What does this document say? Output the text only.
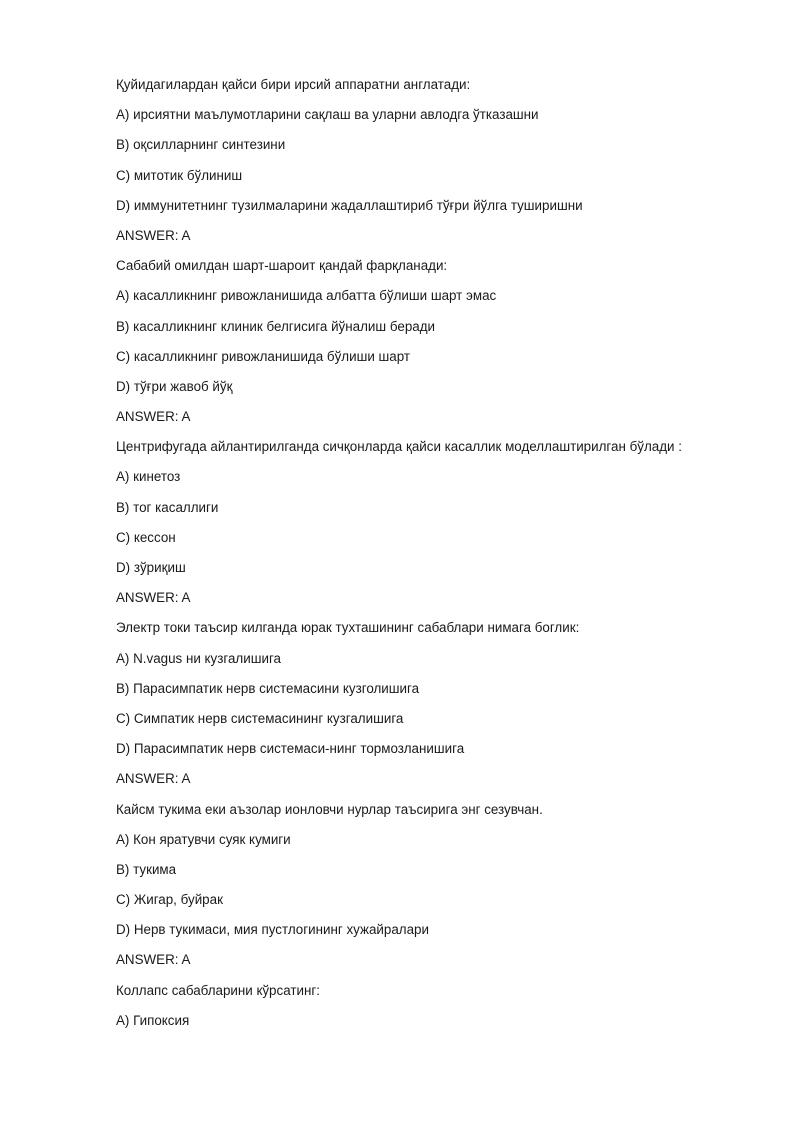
Қуйидагилардан қайси бири ирсий аппаратни англатади:
A) ирсиятни маълумотларини сақлаш ва уларни авлодга ўтказашни
B) оқсилларнинг синтезини
C) митотик бўлиниш
D) иммунитетнинг тузилмаларини жадаллаштириб тўғри йўлга туширишни
ANSWER: A
Сабабий омилдан шарт-шароит қандай фарқланади:
A) касалликнинг ривожланишида албатта бўлиши шарт эмас
B) касалликнинг клиник белгисига йўналиш беради
C) касалликнинг ривожланишида бўлиши шарт
D) тўғри жавоб йўқ
ANSWER: A
Центрифугада айлантирилганда сичқонларда қайси касаллик моделлаштирилган бўлади :
A) кинетоз
B) тог касаллиги
C) кессон
D) зўриқиш
ANSWER: A
Электр токи таъсир килганда юрак тухташининг сабаблари нимага боглик:
A) N.vagus ни кузгалишига
B) Парасимпатик нерв системасини кузголишига
C) Симпатик нерв системасининг кузгалишига
D) Парасимпатик нерв системаси-нинг тормозланишига
ANSWER: A
Кайсм тукима еки аъзолар ионловчи нурлар таъсирига энг сезувчан.
A) Кон яратувчи суяк кумиги
B) тукима
C) Жигар, буйрак
D) Нерв тукимаси, мия пустлогининг хужайралари
ANSWER: A
Коллапс сабабларини кўрсатинг:
A) Гипоксия
